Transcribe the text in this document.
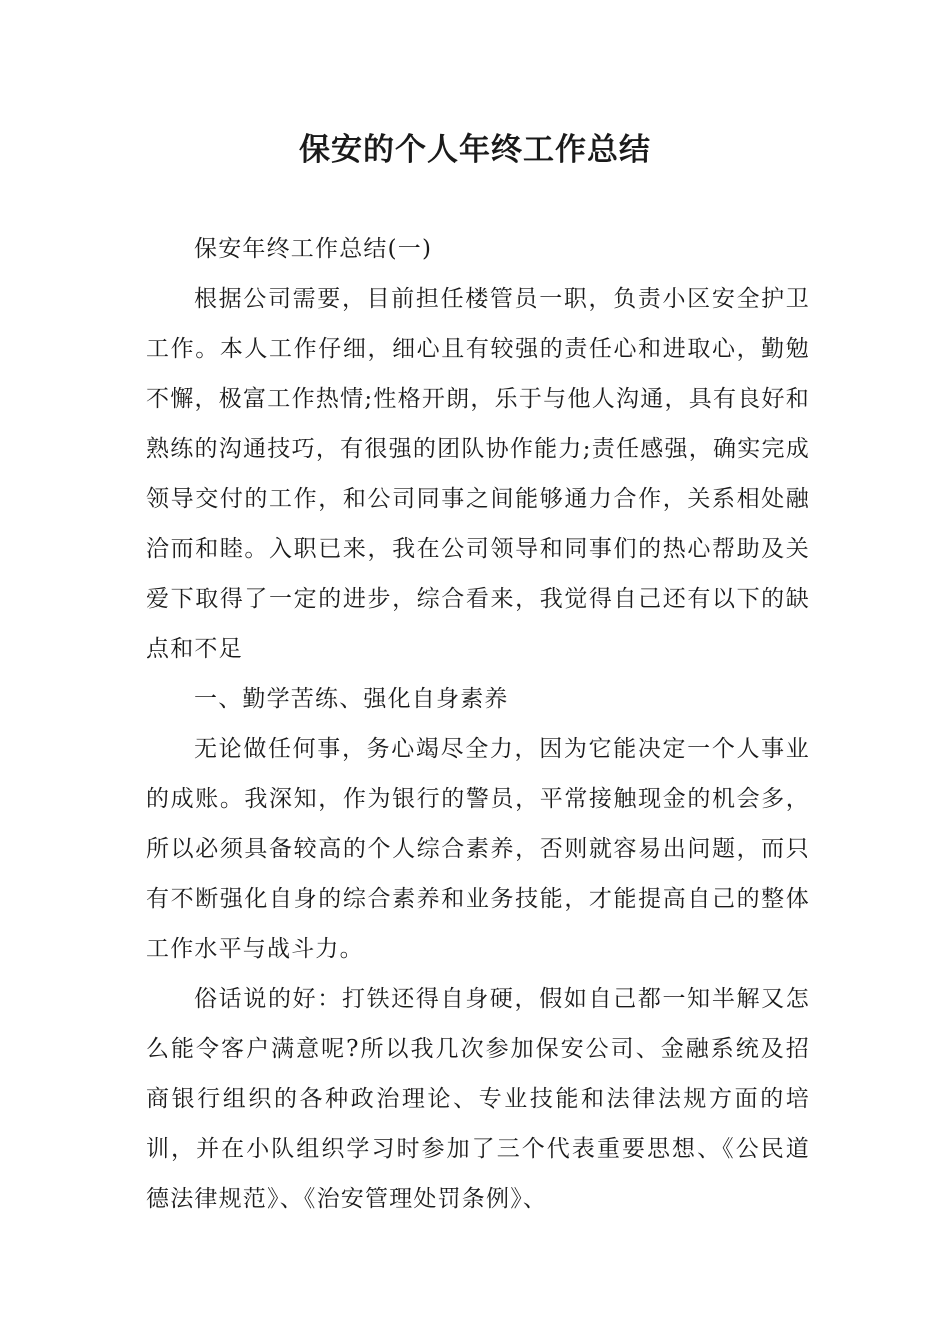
保安的个人年终工作总结

保安年终工作总结(一)

根据公司需要，目前担任楼管员一职，负责小区安全护卫工作。本人工作仔细，细心且有较强的责任心和进取心，勤勉不懈，极富工作热情;性格开朗，乐于与他人沟通，具有良好和熟练的沟通技巧，有很强的团队协作能力;责任感强，确实完成领导交付的工作，和公司同事之间能够通力合作，关系相处融洽而和睦。入职已来，我在公司领导和同事们的热心帮助及关爱下取得了一定的进步，综合看来，我觉得自己还有以下的缺点和不足

一、勤学苦练、强化自身素养

无论做任何事，务心竭尽全力，因为它能决定一个人事业的成账。我深知，作为银行的警员，平常接触现金的机会多，所以必须具备较高的个人综合素养，否则就容易出问题，而只有不断强化自身的综合素养和业务技能，才能提高自己的整体工作水平与战斗力。

俗话说的好：打铁还得自身硬，假如自己都一知半解又怎么能令客户满意呢?所以我几次参加保安公司、金融系统及招商银行组织的各种政治理论、专业技能和法律法规方面的培训，并在小队组织学习时参加了三个代表重要思想、《公民道德法律规范》、《治安管理处罚条例》、
